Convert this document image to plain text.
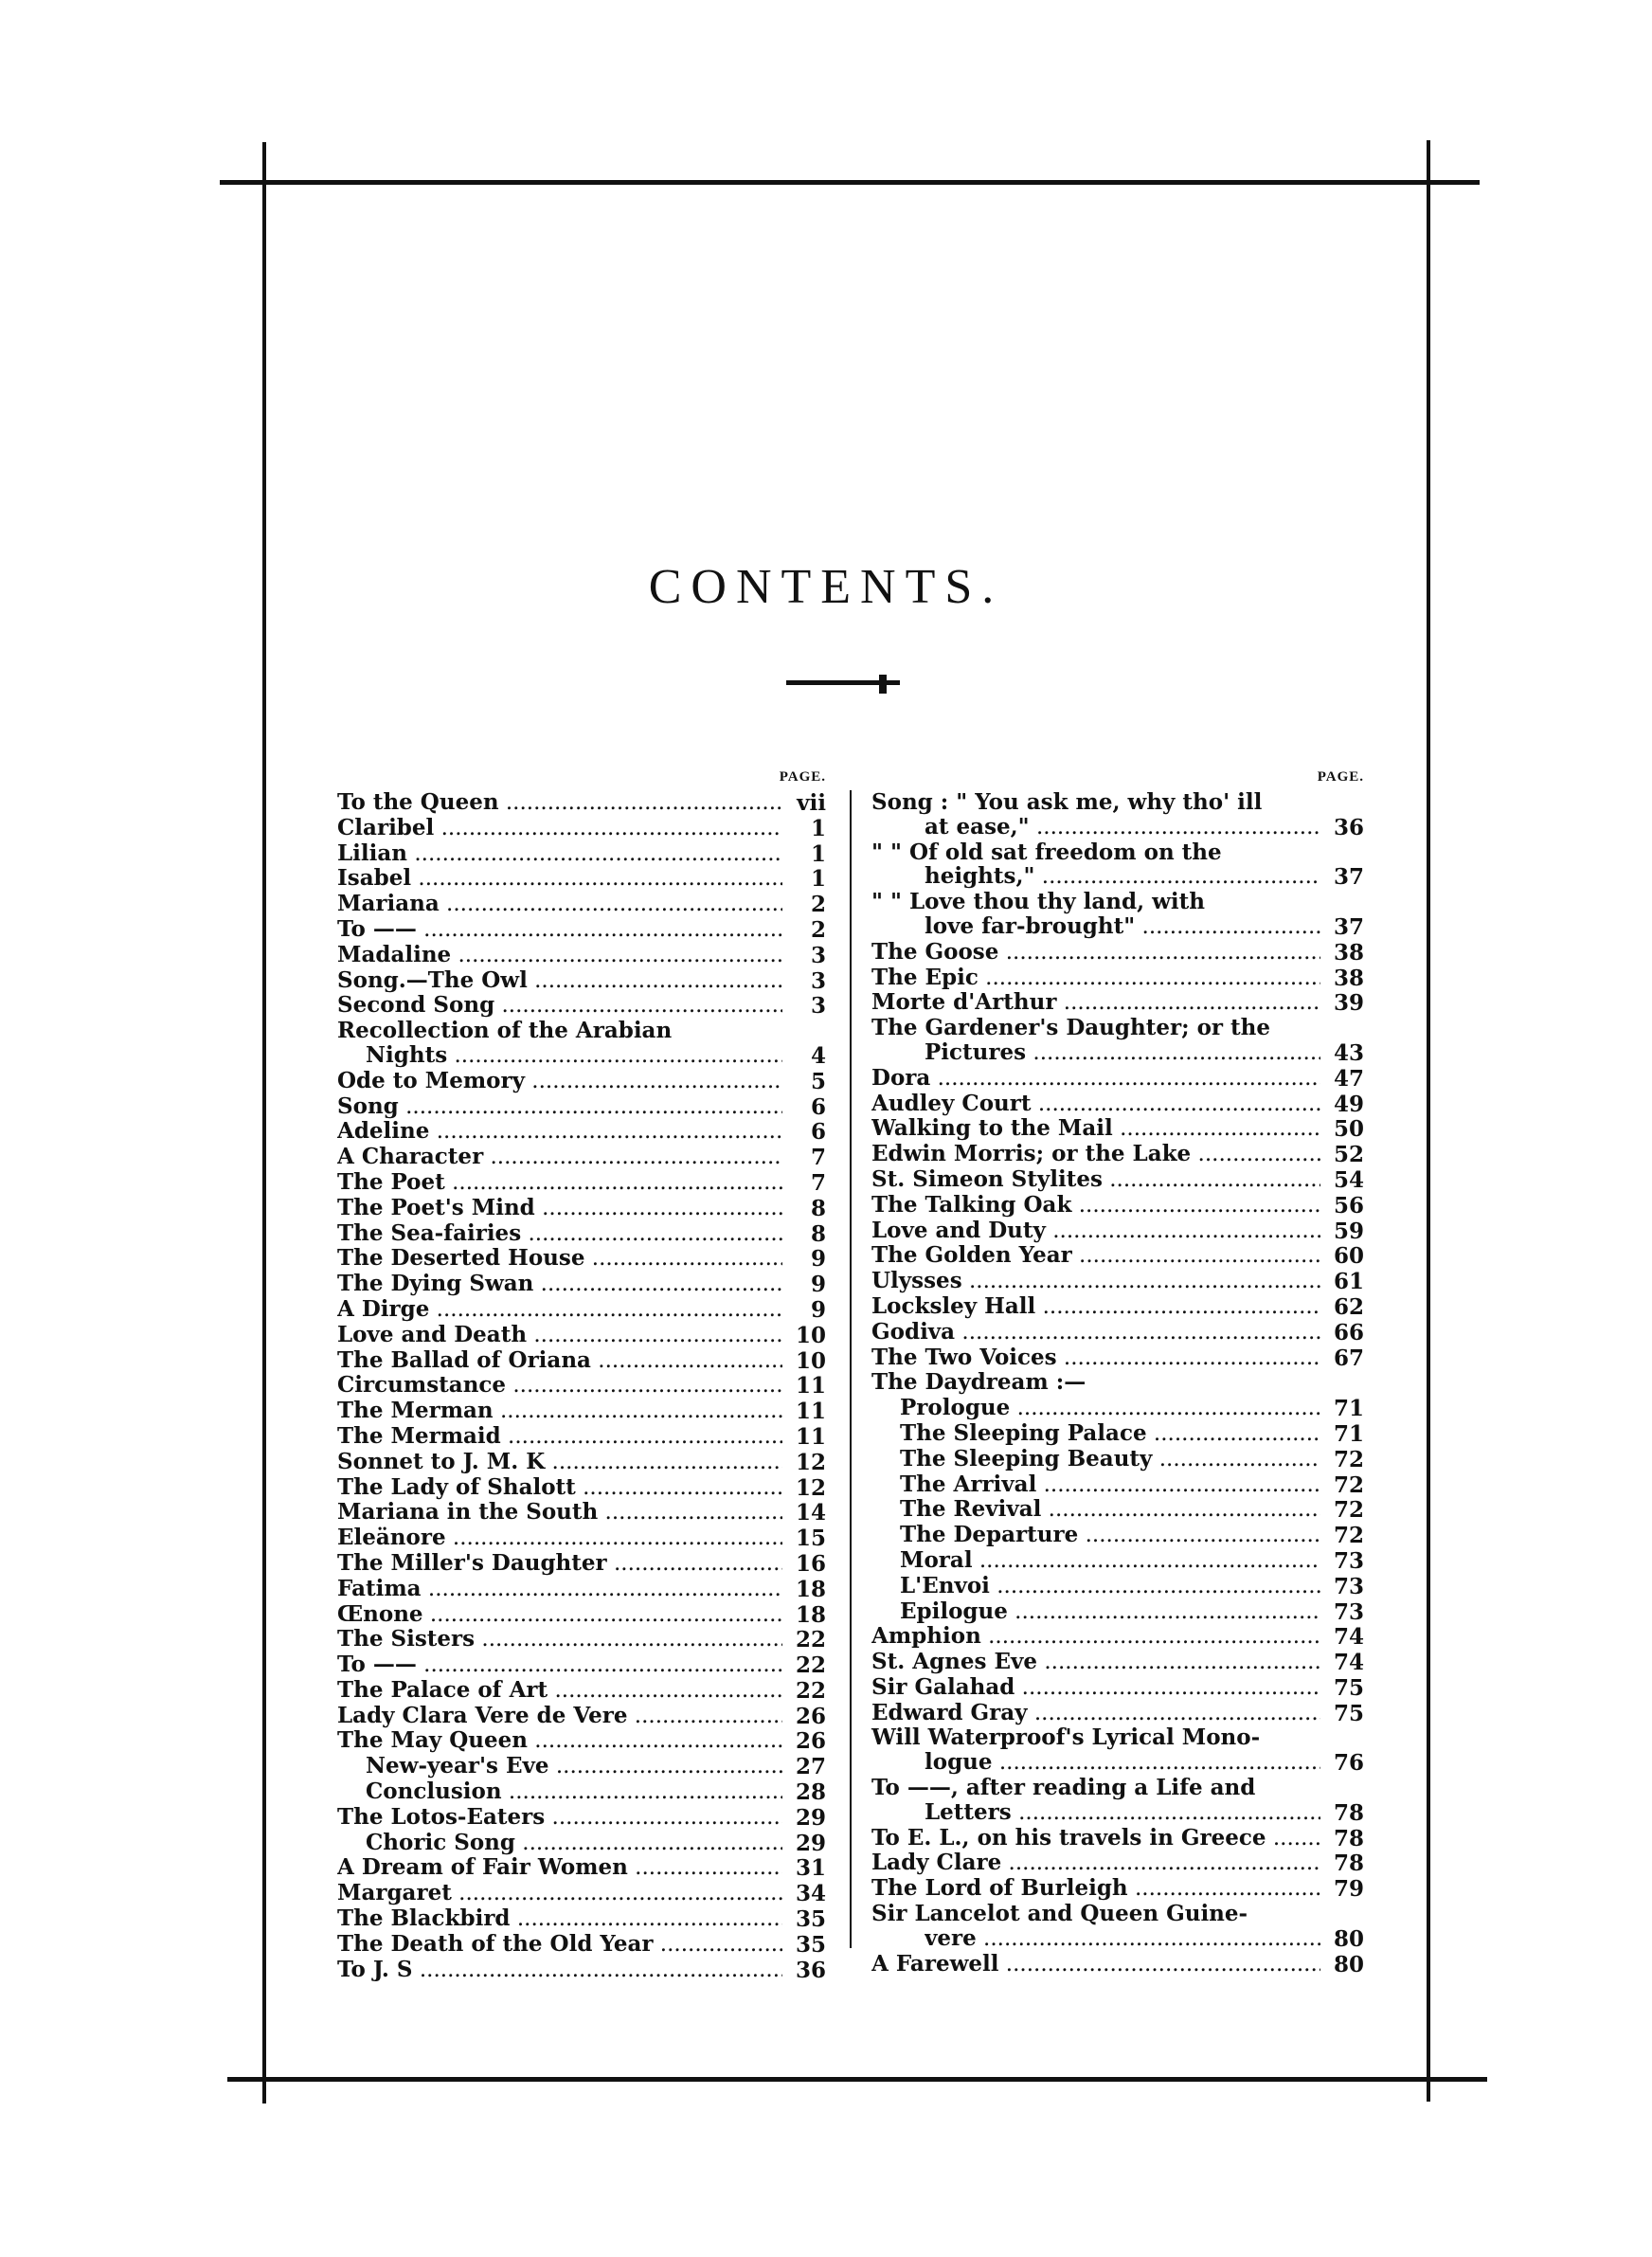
CONTENTS.
PAGE.
To the Queen .....	vii
Claribel .....	1
Lilian .....	1
Isabel .....	1
Mariana .....	2
To —— .....	2
Madaline .....	3
Song.—The Owl .....	3
Second Song .....	3
Recollection of the Arabian
Nights .....	4
Ode to Memory .....	5
Song .....	6
Adeline .....	6
A Character .....	7
The Poet .....	7
The Poet's Mind .....	8
The Sea-fairies .....	8
The Deserted House .....	9
The Dying Swan .....	9
A Dirge .....	9
Love and Death .....	10
The Ballad of Oriana .....	10
Circumstance .....	11
The Merman .....	11
The Mermaid .....	11
Sonnet to J. M. K .....	12
The Lady of Shalott .....	12
Mariana in the South .....	14
Eleänore .....	15
The Miller's Daughter .....	16
Fatima .....	18
Œnone .....	18
The Sisters .....	22
To —— .....	22
The Palace of Art .....	22
Lady Clara Vere de Vere .....	26
The May Queen .....	26
New-year's Eve .....	27
Conclusion .....	28
The Lotos-Eaters .....	29
Choric Song .....	29
A Dream of Fair Women .....	31
Margaret .....	34
The Blackbird .....	35
The Death of the Old Year .....	35
To J. S .....	36
PAGE.
Song : " You ask me, why tho' ill
at ease," .....	36
" " Of old sat freedom on the
heights," .....	37
" " Love thou thy land, with
love far-brought" .....	37
The Goose .....	38
The Epic .....	38
Morte d'Arthur .....	39
The Gardener's Daughter; or the
Pictures .....	43
Dora .....	47
Audley Court .....	49
Walking to the Mail .....	50
Edwin Morris; or the Lake .....	52
St. Simeon Stylites .....	54
The Talking Oak .....	56
Love and Duty .....	59
The Golden Year .....	60
Ulysses .....	61
Locksley Hall .....	62
Godiva .....	66
The Two Voices .....	67
The Daydream :—
Prologue .....	71
The Sleeping Palace .....	71
The Sleeping Beauty .....	72
The Arrival .....	72
The Revival .....	72
The Departure .....	72
Moral .....	73
L'Envoi .....	73
Epilogue .....	73
Amphion .....	74
St. Agnes Eve .....	74
Sir Galahad .....	75
Edward Gray .....	75
Will Waterproof's Lyrical Mono-
logue .....	76
To ——, after reading a Life and
Letters .....	78
To E. L., on his travels in Greece .....	78
Lady Clare .....	78
The Lord of Burleigh .....	79
Sir Lancelot and Queen Guine-
vere .....	80
A Farewell .....	80
